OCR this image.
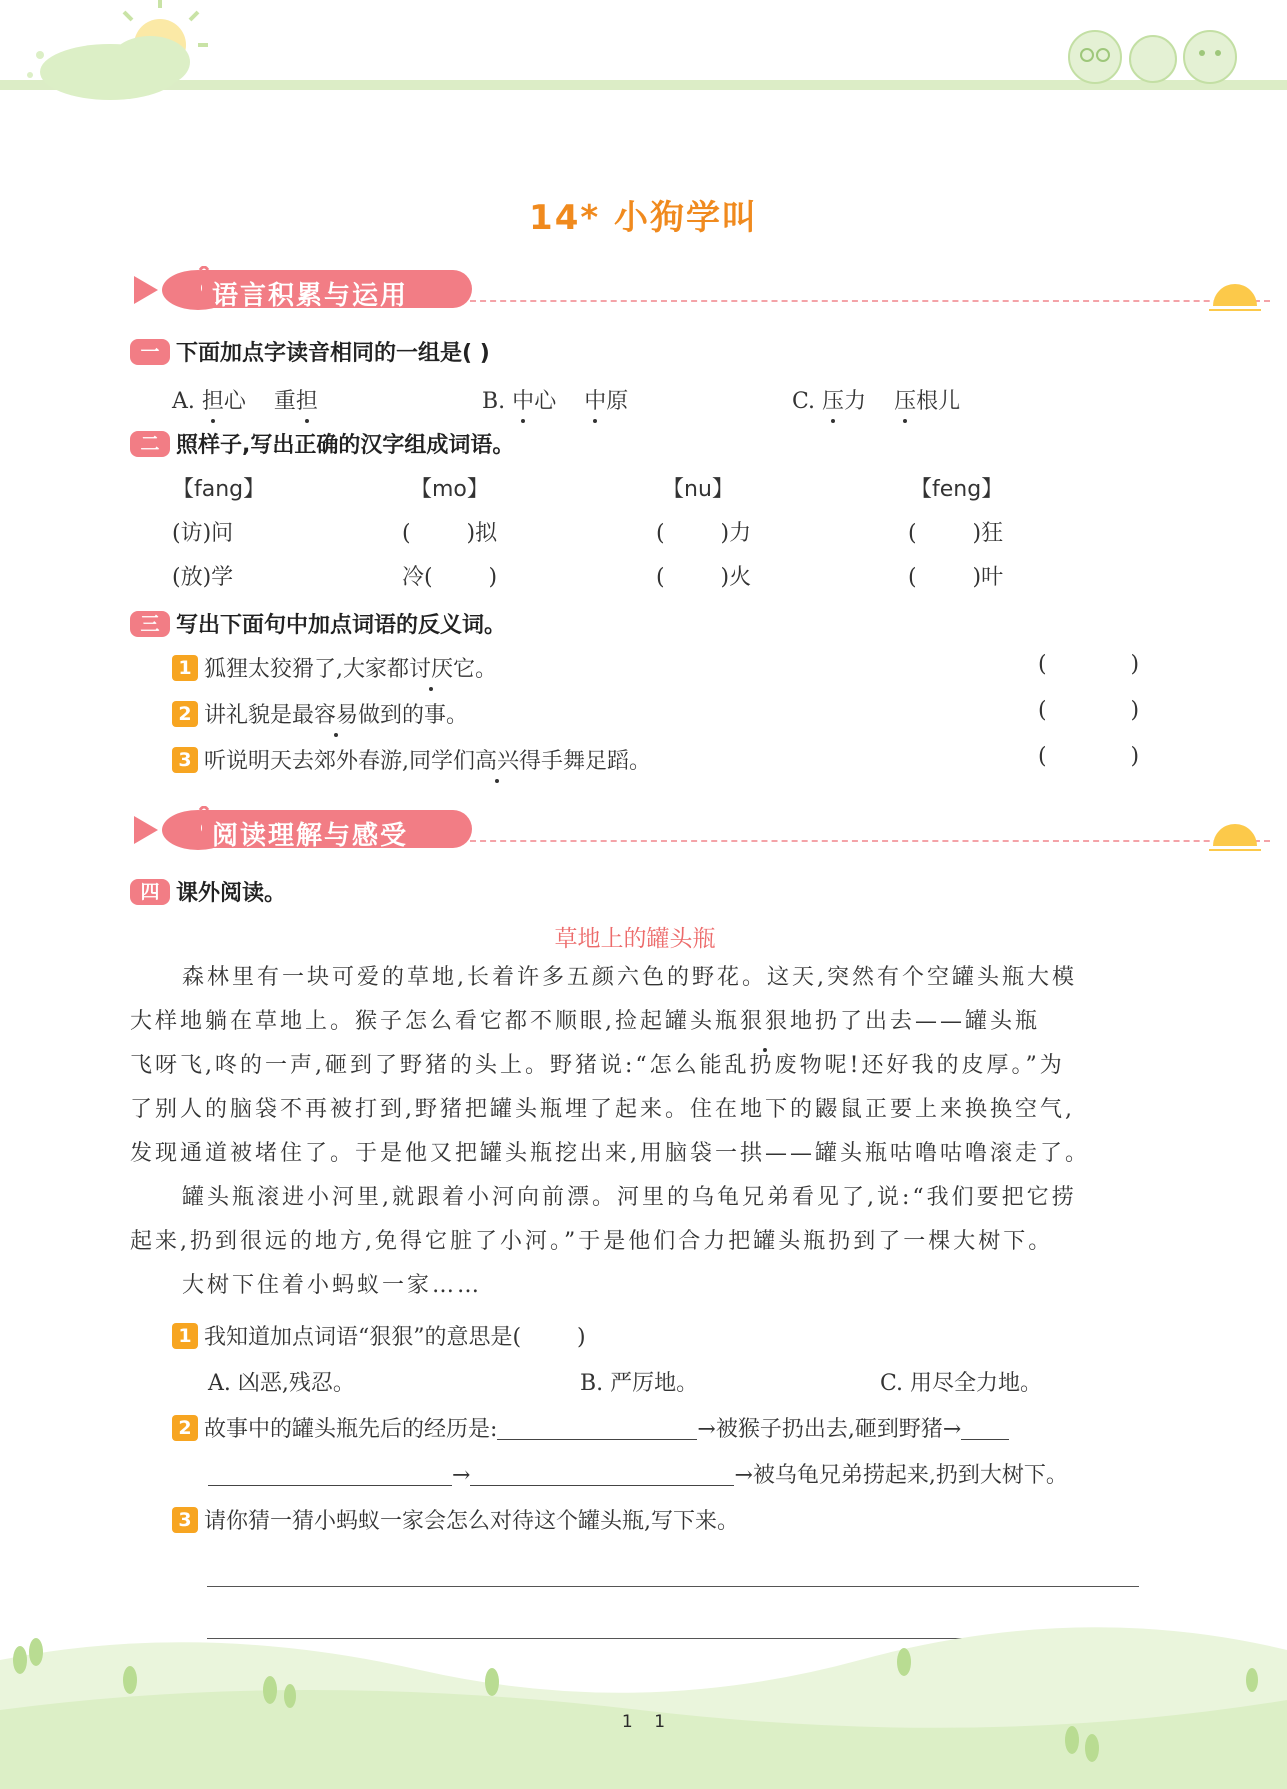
14* 小狗学叫
语言积累与运用
一 下面加点字读音相同的一组是( )
A. 担心 重担	B. 中心 中原	C. 压力 压根儿
二 照样子,写出正确的汉字组成词语。
【fang】	【mo】	【nu】	【feng】
(访)问	(        )拟	(        )力	(        )狂
(放)学	冷(        )	(        )火	(        )叶
三 写出下面句中加点词语的反义词。
1 狐狸太狡猾了,大家都讨厌它。	(            )
2 讲礼貌是最容易做到的事。	(            )
3 听说明天去郊外春游,同学们高兴得手舞足蹈。	(            )
阅读理解与感受
四 课外阅读。
草地上的罐头瓶
森林里有一块可爱的草地,长着许多五颜六色的野花。这天,突然有个空罐头瓶大模
大样地躺在草地上。猴子怎么看它都不顺眼,捡起罐头瓶狠狠地扔了出去——罐头瓶
飞呀飞,咚的一声,砸到了野猪的头上。野猪说:“怎么能乱扔废物呢!还好我的皮厚。”为
了别人的脑袋不再被打到,野猪把罐头瓶埋了起来。住在地下的鼹鼠正要上来换换空气,
发现通道被堵住了。于是他又把罐头瓶挖出来,用脑袋一拱——罐头瓶咕噜咕噜滚走了。
罐头瓶滚进小河里,就跟着小河向前漂。河里的乌龟兄弟看见了,说:“我们要把它捞
起来,扔到很远的地方,免得它脏了小河。”于是他们合力把罐头瓶扔到了一棵大树下。
大树下住着小蚂蚁一家……
1 我知道加点词语“狠狠”的意思是(        )
A. 凶恶,残忍。	B. 严厉地。	C. 用尽全力地。
2 故事中的罐头瓶先后的经历是:	→被猴子扔出去,砸到野猪→
→	→被乌龟兄弟捞起来,扔到大树下。
3 请你猜一猜小蚂蚁一家会怎么对待这个罐头瓶,写下来。
1    1
